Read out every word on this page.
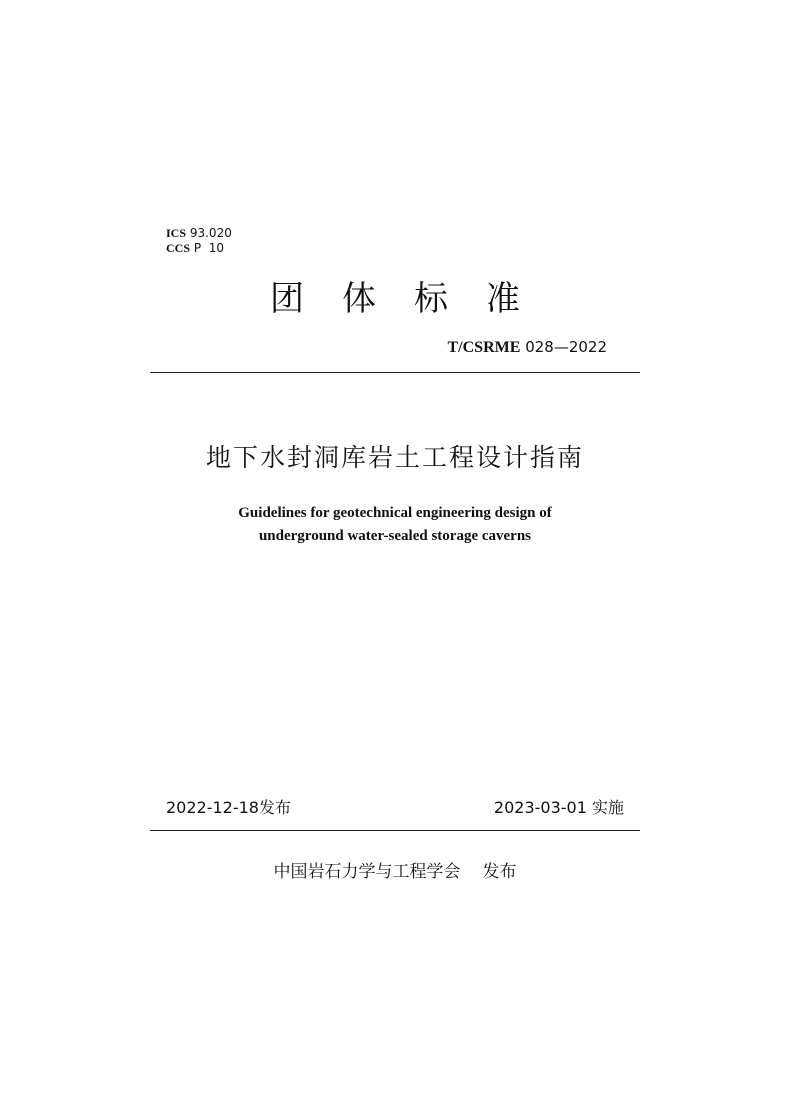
ICS 93.020
CCS P  10
团体标准
T/CSRME 028—2022
地下水封洞库岩土工程设计指南
Guidelines for geotechnical engineering design of
underground water-sealed storage caverns
2022-12-18发布	2023-03-01 实施
中国岩石力学与工程学会 发布
